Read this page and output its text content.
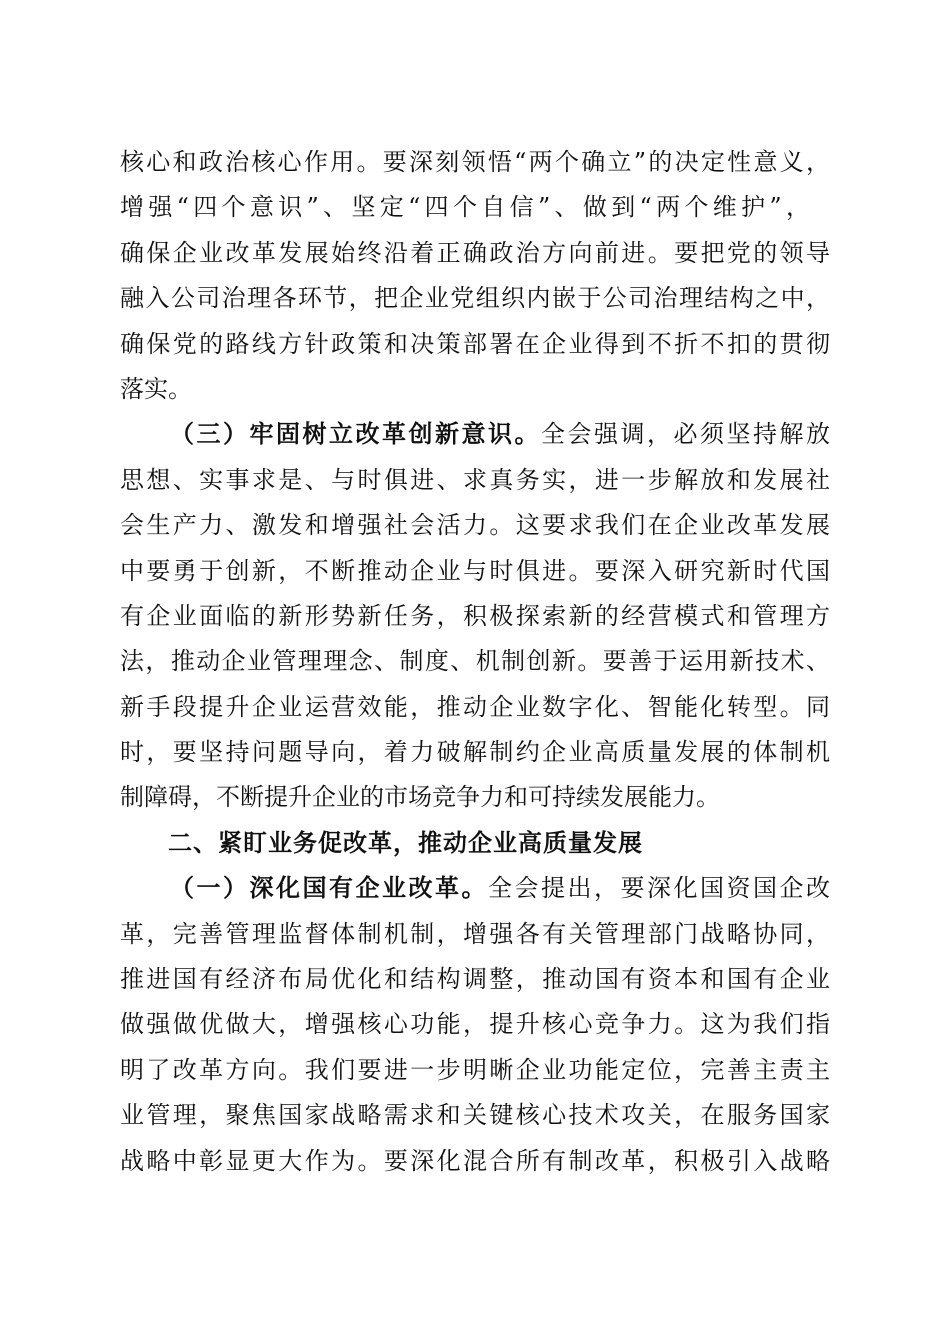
核心和政治核心作用。要深刻领悟“两个确立”的决定性意义，
增强“四个意识”、坚定“四个自信”、做到“两个维护”，
确保企业改革发展始终沿着正确政治方向前进。要把党的领导
融入公司治理各环节，把企业党组织内嵌于公司治理结构之中，
确保党的路线方针政策和决策部署在企业得到不折不扣的贯彻
落实。
（三）牢固树立改革创新意识。全会强调，必须坚持解放
思想、实事求是、与时俱进、求真务实，进一步解放和发展社
会生产力、激发和增强社会活力。这要求我们在企业改革发展
中要勇于创新，不断推动企业与时俱进。要深入研究新时代国
有企业面临的新形势新任务，积极探索新的经营模式和管理方
法，推动企业管理理念、制度、机制创新。要善于运用新技术、
新手段提升企业运营效能，推动企业数字化、智能化转型。同
时，要坚持问题导向，着力破解制约企业高质量发展的体制机
制障碍，不断提升企业的市场竞争力和可持续发展能力。
二、紧盯业务促改革，推动企业高质量发展
（一）深化国有企业改革。全会提出，要深化国资国企改
革，完善管理监督体制机制，增强各有关管理部门战略协同，
推进国有经济布局优化和结构调整，推动国有资本和国有企业
做强做优做大，增强核心功能，提升核心竞争力。这为我们指
明了改革方向。我们要进一步明晰企业功能定位，完善主责主
业管理，聚焦国家战略需求和关键核心技术攻关，在服务国家
战略中彰显更大作为。要深化混合所有制改革，积极引入战略
